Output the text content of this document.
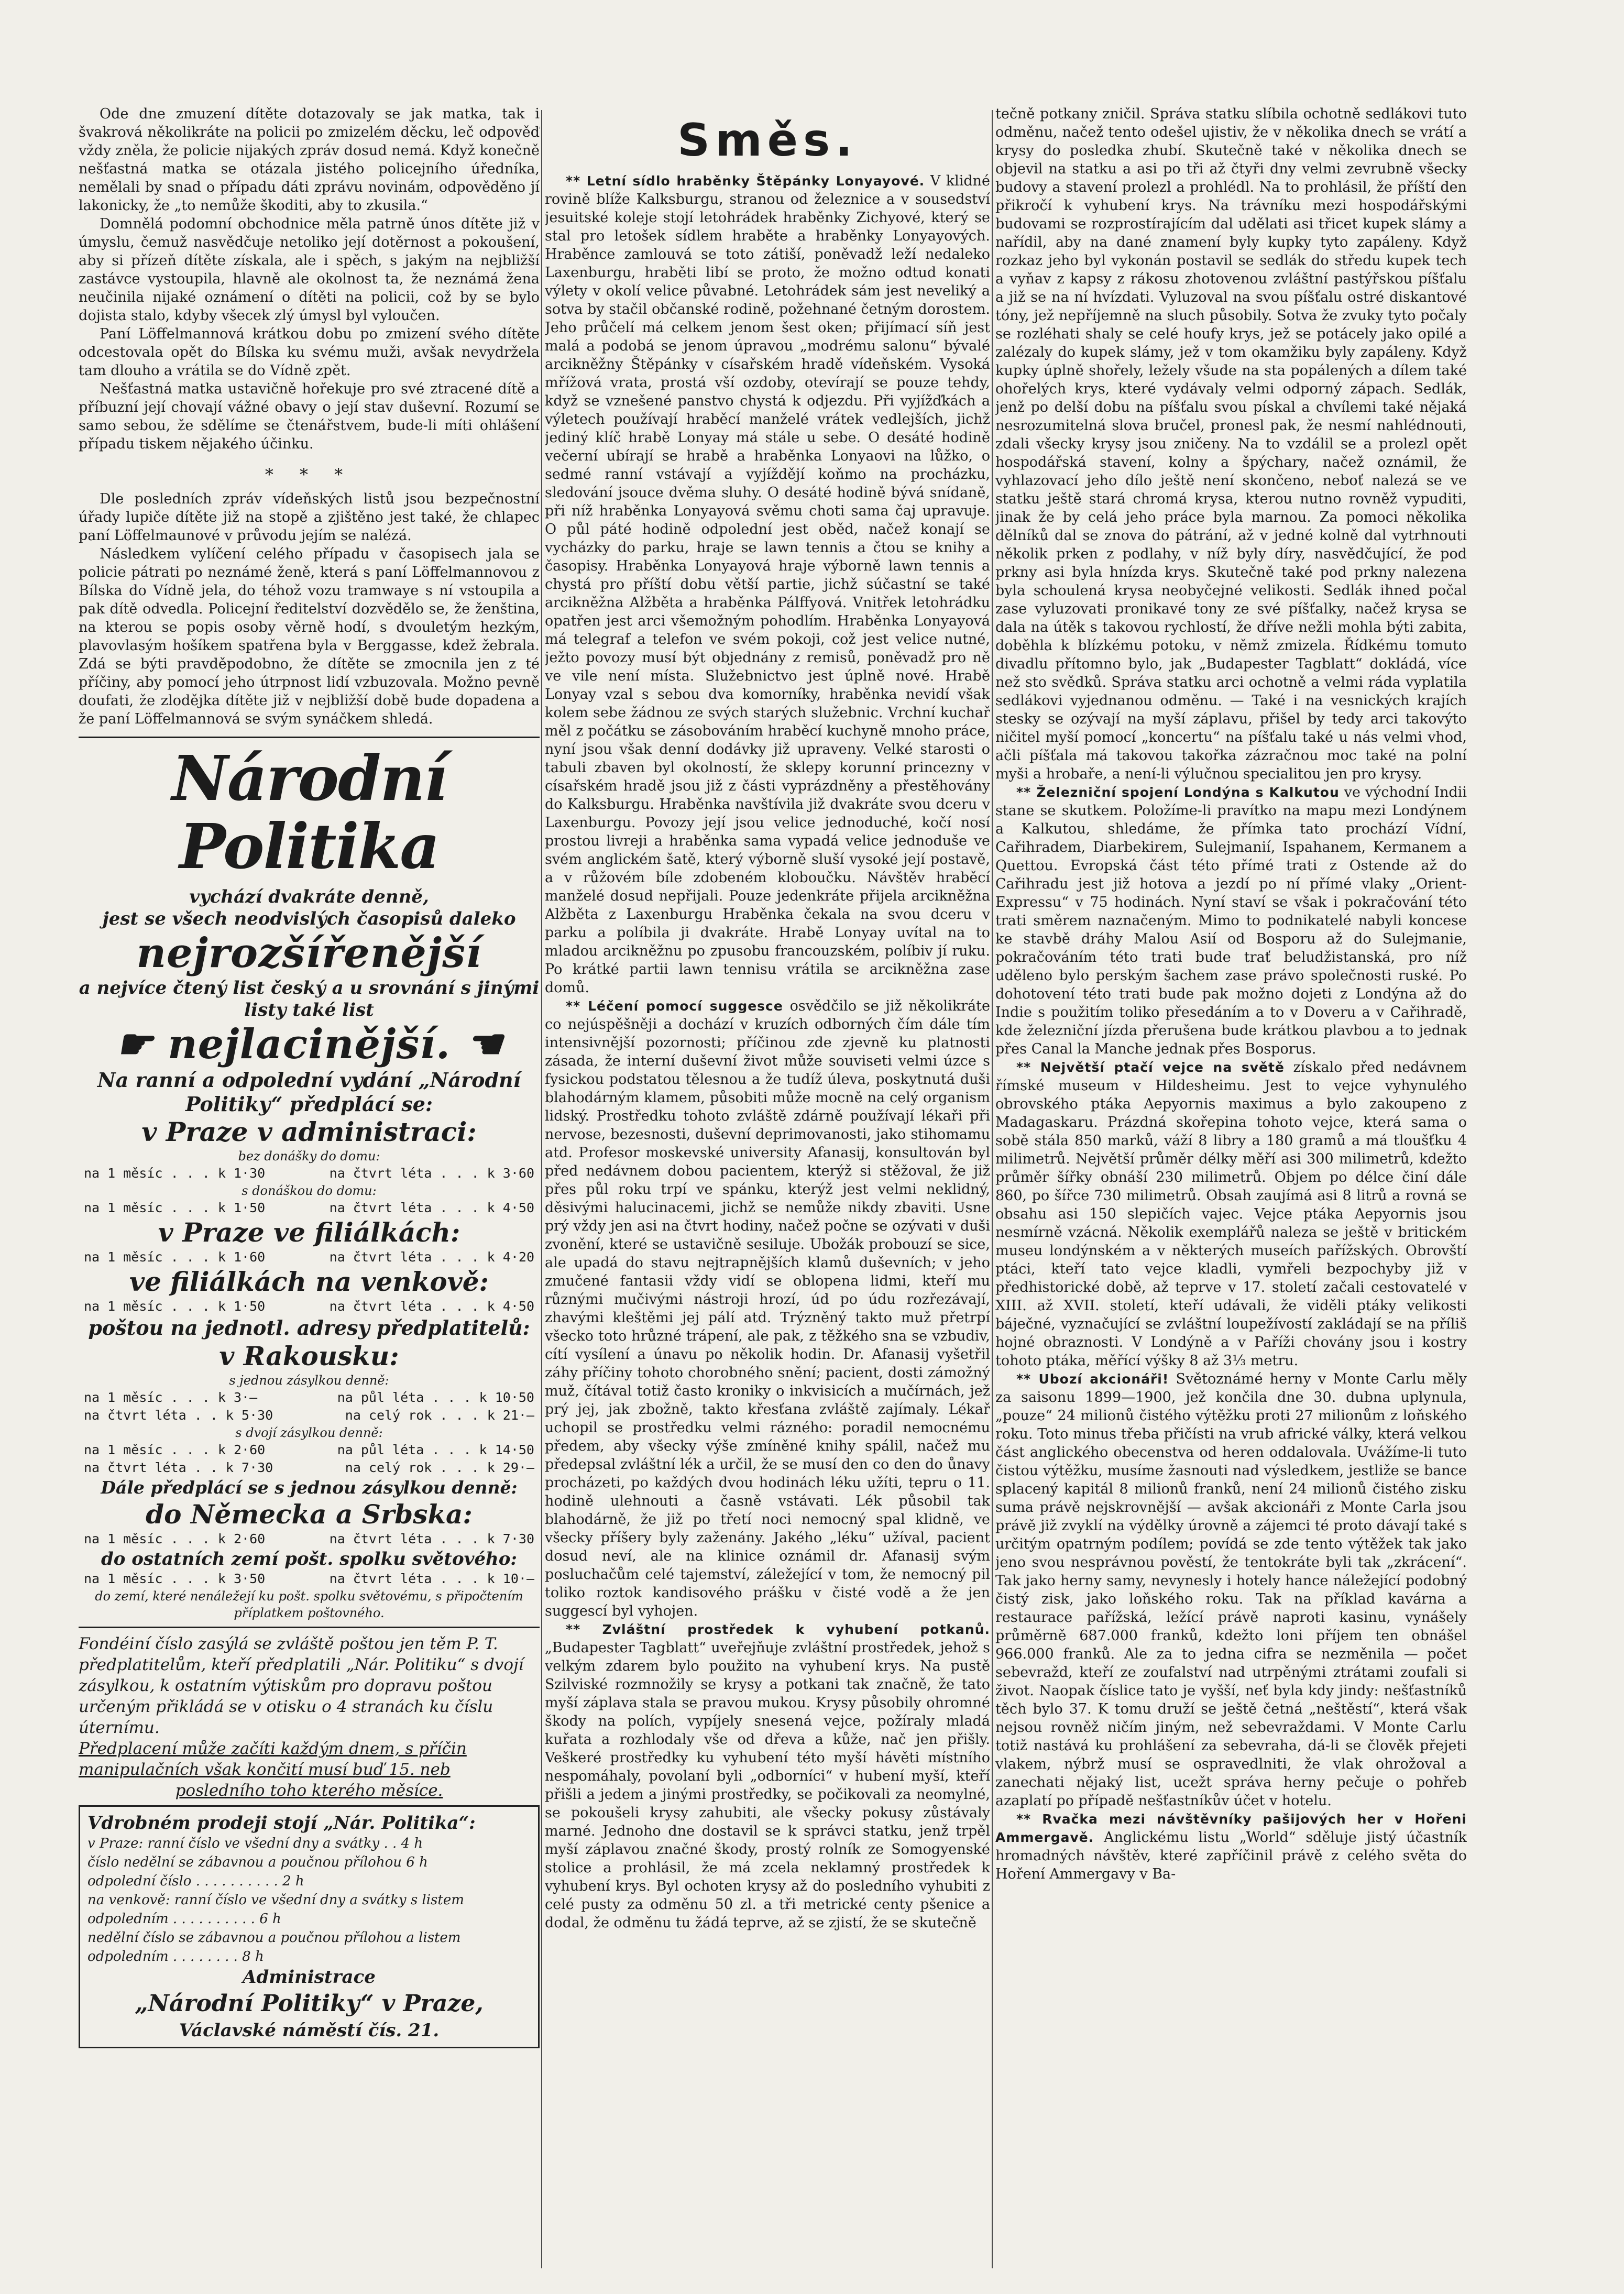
Ode dne zmuzení dítěte dotazovaly se jak matka, tak i švakrová několikráte na policii po zmizelém děcku, leč odpověď vždy zněla, že policie nijakých zpráv dosud nemá. Když konečně nešťastná matka se otázala jistého policejního úředníka, nemělali by snad o případu dáti zprávu novinám, odpověděno jí lakonicky, že „to nemůže škoditi, aby to zkusila.“

Domnělá podomní obchodnice měla patrně únos dítěte již v úmyslu, čemuž nasvědčuje netoliko její dotěrnost a pokoušení, aby si přízeň dítěte získala, ale i spěch, s jakým na nejbližší zastávce vystoupila, hlavně ale okolnost ta, že neznámá žena neučinila nijaké oznámení o dítěti na policii, což by se bylo dojista stalo, kdyby všecek zlý úmysl byl vyloučen.

Paní Löffelmannová krátkou dobu po zmizení svého dítěte odcestovala opět do Bílska ku svému muži, avšak nevydržela tam dlouho a vrátila se do Vídně zpět.

Nešťastná matka ustavičně hořekuje pro své ztracené dítě a příbuzní její chovají vážné obavy o její stav duševní. Rozumí se samo sebou, že sdělíme se čtenářstvem, bude-li míti ohlášení případu tiskem nějakého účinku.

* * *

Dle posledních zpráv vídeňských listů jsou bezpečnostní úřady lupiče dítěte již na stopě a zjištěno jest také, že chlapec paní Löffelmaunové v průvodu jejím se nalézá.

Následkem vylíčení celého případu v časopisech jala se policie pátrati po neznámé ženě, která s paní Löffelmannovou z Bílska do Vídně jela, do téhož vozu tramwaye s ní vstoupila a pak dítě odvedla. Policejní ředitelství dozvědělo se, že ženština, na kterou se popis osoby věrně hodí, s dvouletým hezkým, plavovlasým hošíkem spatřena byla v Berggasse, kdež žebrala. Zdá se býti pravděpodobno, že dítěte se zmocnila jen z té příčiny, aby pomocí jeho útrpnost lidí vzbuzovala. Možno pevně doufati, že zlodějka dítěte již v nejbližší době bude dopadena a že paní Löffelmannová se svým synáčkem shledá.

Národní Politika
vychází dvakráte denně,
jest se všech neodvislých časopisů daleko
nejrozšířenější
a nejvíce čtený list český a u srovnání s jinými listy také list
☛ nejlacinější. ☚
Na ranní a odpolední vydání „Národní Politiky“ předplácí se:
v Praze v administraci:
bez donášky do domu:
na 1 měsíc . . . k 1·30	na čtvrt léta . . . k 3·60
s donáškou do domu:
na 1 měsíc . . . k 1·50	na čtvrt léta . . . k 4·50
v Praze ve filiálkách:
na 1 měsíc . . . k 1·60	na čtvrt léta . . . k 4·20
ve filiálkách na venkově:
na 1 měsíc . . . k 1·50	na čtvrt léta . . . k 4·50
poštou na jednotl. adresy předplatitelů:
v Rakousku:
s jednou zásylkou denně:
na 1 měsíc . . . k 3·—	na půl léta . . . k 10·50
na čtvrt léta . . k 5·30	na celý rok . . . k 21·—
s dvojí zásylkou denně:
na 1 měsíc . . . k 2·60	na půl léta . . . k 14·50
na čtvrt léta . . k 7·30	na celý rok . . . k 29·—
Dále předplácí se s jednou zásylkou denně:
do Německa a Srbska:
na 1 měsíc . . . k 2·60	na čtvrt léta . . . k 7·30
do ostatních zemí pošt. spolku světového:
na 1 měsíc . . . k 3·50	na čtvrt léta . . . k 10·—
do zemí, které nenáležejí ku pošt. spolku světovému, s připočtením příplatkem poštovného.
Fondéiní číslo zasýlá se zvláště poštou jen těm P. T. předplatitelům, kteří předplatili „Nár. Politiku“ s dvojí zásylkou, k ostatním výtiskům pro dopravu poštou určeným přikládá se v otisku o 4 stranách ku číslu úternímu.
Předplacení může začíti každým dnem, s příčin
manipulačních však končití musí buď 15. neb
posledního toho kterého měsíce.
Vdrobném prodeji stojí „Nár. Politika“:
v Praze: ranní číslo ve všední dny a svátky . . 4 h
číslo nedělní se zábavnou a poučnou přílohou 6 h
odpolední číslo . . . . . . . . . . 2 h
na venkově: ranní číslo ve všední dny a svátky s listem odpoledním . . . . . . . . . . 6 h
nedělní číslo se zábavnou a poučnou přílohou a listem odpoledním . . . . . . . . 8 h
Administrace
„Národní Politiky“ v Praze,
Václavské náměstí čís. 21.
Směs.

** Letní sídlo hraběnky Štěpánky Lonyayové. V klidné rovině blíže Kalksburgu, stranou od železnice a v sousedství jesuitské koleje stojí letohrádek hraběnky Zichyové, který se stal pro letošek sídlem hraběte a hraběnky Lonyayových. Hraběnce zamlouvá se toto zátiší, poněvadž leží nedaleko Laxenburgu, hraběti libí se proto, že možno odtud konati výlety v okolí velice půvabné. Letohrádek sám jest neveliký a sotva by stačil občanské rodině, požehnané četným dorostem. Jeho průčelí má celkem jenom šest oken; přijímací síň jest malá a podobá se jenom úpravou „modrému salonu“ bývalé arcikněžny Štěpánky v císařském hradě vídeňském. Vysoká mřížová vrata, prostá vší ozdoby, otevírají se pouze tehdy, když se vznešené panstvo chystá k odjezdu. Při vyjížďkách a výletech používají hraběcí manželé vrátek vedlejších, jichž jediný klíč hrabě Lonyay má stále u sebe. O desáté hodině večerní ubírají se hrabě a hraběnka Lonyaovi na lůžko, o sedmé ranní vstávají a vyjíždějí koňmo na procházku, sledování jsouce dvěma sluhy. O desáté hodině bývá snídaně, při níž hraběnka Lonyayová svěmu choti sama čaj upravuje. O půl páté hodině odpolední jest oběd, načež konají se vycházky do parku, hraje se lawn tennis a čtou se knihy a časopisy. Hraběnka Lonyayová hraje výborně lawn tennis a chystá pro příští dobu větší partie, jichž súčastní se také arcikněžna Alžběta a hraběnka Pálffyová. Vnitřek letohrádku opatřen jest arci všemožným pohodlím. Hraběnka Lonyayová má telegraf a telefon ve svém pokoji, což jest velice nutné, ježto povozy musí být objednány z remisů, poněvadž pro ně ve vile není místa. Služebnictvo jest úplně nové. Hrabě Lonyay vzal s sebou dva komorníky, hraběnka nevidí však kolem sebe žádnou ze svých starých služebnic. Vrchní kuchař měl z počátku se zásobováním hraběcí kuchyně mnoho práce, nyní jsou však denní dodávky již upraveny. Velké starosti o tabuli zbaven byl okolností, že sklepy korunní princezny v císařském hradě jsou již z části vyprázdněny a přestěhovány do Kalksburgu. Hraběnka navštívila již dvakráte svou dceru v Laxenburgu. Povozy její jsou velice jednoduché, kočí nosí prostou livreji a hraběnka sama vypadá velice jednoduše ve svém anglickém šatě, který výborně sluší vysoké její postavě, a v růžovém bíle zdobeném kloboučku. Návštěv hraběcí manželé dosud nepřijali. Pouze jedenkráte přijela arcikněžna Alžběta z Laxenburgu Hraběnka čekala na svou dceru v parku a políbila ji dvakráte. Hrabě Lonyay uvítal na to mladou arcikněžnu po zpusobu francouzském, políbiv jí ruku. Po krátké partii lawn tennisu vrátila se arcikněžna zase domů.

** Léčení pomocí suggesce osvědčilo se již několikráte co nejúspěšněji a dochází v kruzích odborných čím dále tím intensivnější pozornosti; příčinou zde zjevně ku platnosti zásada, že interní duševní život může souviseti velmi úzce s fysickou podstatou tělesnou a že tudíž úleva, poskytnutá duši blahodárným klamem, působiti může mocně na celý organism lidský. Prostředku tohoto zvláště zdárně používají lékaři při nervose, bezesnosti, duševní deprimovanosti, jako stihomamu atd. Profesor moskevské university Afanasij, konsultován byl před nedávnem dobou pacientem, kterýž si stěžoval, že již přes půl roku trpí ve spánku, kterýž jest velmi neklidný, děsivými halucinacemi, jichž se nemůže nikdy zbaviti. Usne prý vždy jen asi na čtvrt hodiny, načež počne se ozývati v duši zvonění, které se ustavičně sesiluje. Ubožák probouzí se sice, ale upadá do stavu nejtrapnějších klamů duševních; v jeho zmučené fantasii vždy vidí se oblopena lidmi, kteří mu různými mučivými nástroji hrozí, úd po údu rozřezávají, zhavými kleštěmi jej pálí atd. Trýzněný takto muž přetrpí všecko toto hrůzné trápení, ale pak, z těžkého sna se vzbudiv, cítí vysílení a únavu po několik hodin. Dr. Afanasij vyšetřil záhy příčiny tohoto chorobného snění; pacient, dosti zámožný muž, čítával totiž často kroniky o inkvisicích a mučírnách, jež prý jej, jak zbožně, takto křesťana zvláště zajímaly. Lékař uchopil se prostředku velmi rázného: poradil nemocnému předem, aby všecky výše zmíněné knihy spálil, načež mu předepsal zvláštní lék a určil, že se musí den co den do ůnavy procházeti, po každých dvou hodinách léku užíti, tepru o 11. hodině ulehnouti a časně vstávati. Lék působil tak blahodárně, že již po třetí noci nemocný spal klidně, ve všecky příšery byly zaženány. Jakého „léku“ užíval, pacient dosud neví, ale na klinice oznámil dr. Afanasij svým posluchačům celé tajemství, záležející v tom, že nemocný pil toliko roztok kandisového prášku v čisté vodě a že jen suggescí byl vyhojen.

** Zvláštní prostředek k vyhubení potkanů. „Budapester Tagblatt“ uveřejňuje zvláštní prostředek, jehož s velkým zdarem bylo použito na vyhubení krys. Na pustě Szilviské rozmnožily se krysy a potkani tak značně, že tato myší záplava stala se pravou mukou. Krysy působily ohromné škody na polích, vypíjely snesená vejce, požíraly mladá kuřata a rozhlodaly vše od dřeva a kůže, nač jen přišly. Veškeré prostředky ku vyhubení této myší hávěti místního nespomáhaly, povolaní byli „odborníci“ v hubení myší, kteří přišli a jedem a jinými prostředky, se počikovali za neomylné, se pokoušeli krysy zahubiti, ale všecky pokusy zůstávaly marné. Jednoho dne dostavil se k správci statku, jenž trpěl myší záplavou značné škody, prostý rolník ze Somogyenské stolice a prohlásil, že má zcela neklamný prostředek k vyhubení krys. Byl ochoten krysy až do posledního vyhubiti z celé pusty za odměnu 50 zl. a tři metrické centy pšenice a dodal, že odměnu tu žádá teprve, až se zjistí, že se skutečně

tečně potkany zničil. Správa statku slíbila ochotně sedlákovi tuto odměnu, načež tento odešel ujistiv, že v několika dnech se vrátí a krysy do posledka zhubí. Skutečně také v několika dnech se objevil na statku a asi po tři až čtyři dny velmi zevrubně všecky budovy a stavení prolezl a prohlédl. Na to prohlásil, že příští den přikročí k vyhubení krys. Na trávníku mezi hospodářskými budovami se rozprostírajícím dal udělati asi třicet kupek slámy a nařídil, aby na dané znamení byly kupky tyto zapáleny. Když rozkaz jeho byl vykonán postavil se sedlák do středu kupek tech a vyňav z kapsy z rákosu zhotovenou zvláštní pastýřskou píšťalu a již se na ní hvízdati. Vyluzoval na svou píšťalu ostré diskantové tóny, jež nepříjemně na sluch působily. Sotva že zvuky tyto počaly se rozléhati shaly se celé houfy krys, jež se potácely jako opilé a zalézaly do kupek slámy, jež v tom okamžiku byly zapáleny. Když kupky úplně shořely, ležely všude na sta popálených a dílem také ohořelých krys, které vydávaly velmi odporný zápach. Sedlák, jenž po delší dobu na píšťalu svou pískal a chvílemi také nějaká nesrozumitelná slova bručel, pronesl pak, že nesmí nahlédnouti, zdali všecky krysy jsou zničeny. Na to vzdálil se a prolezl opět hospodářská stavení, kolny a špýchary, načež oznámil, že vyhlazovací jeho dílo ještě není skončeno, neboť nalezá se ve statku ještě stará chromá krysa, kterou nutno rovněž vypuditi, jinak že by celá jeho práce byla marnou. Za pomoci několika dělníků dal se znova do pátrání, až v jedné kolně dal vytrhnouti několik prken z podlahy, v níž byly díry, nasvědčující, že pod prkny asi byla hnízda krys. Skutečně také pod prkny nalezena byla schoulená krysa neobyčejné velikosti. Sedlák ihned počal zase vyluzovati pronikavé tony ze své píšťalky, načež krysa se dala na útěk s takovou rychlostí, že dříve nežli mohla býti zabita, doběhla k blízkému potoku, v němž zmizela. Řídkému tomuto divadlu přítomno bylo, jak „Budapester Tagblatt“ dokládá, více než sto svědků. Správa statku arci ochotně a velmi ráda vyplatila sedlákovi vyjednanou odměnu. — Také i na vesnických krajích stesky se ozývají na myší záplavu, přišel by tedy arci takovýto ničitel myší pomocí „koncertu“ na píšťalu také u nás velmi vhod, ačli píšťala má takovou takořka zázračnou moc také na polní myši a hrobaře, a není-li výlučnou specialitou jen pro krysy.

** Železniční spojení Londýna s Kalkutou ve východní Indii stane se skutkem. Položíme-li pravítko na mapu mezi Londýnem a Kalkutou, shledáme, že přímka tato prochází Vídní, Cařihradem, Diarbekirem, Sulejmanií, Ispahanem, Kermanem a Quettou. Evropská část této přímé trati z Ostende až do Cařihradu jest již hotova a jezdí po ní přímé vlaky „Orient-Expressu“ v 75 hodinách. Nyní staví se však i pokračování této trati směrem naznačeným. Mimo to podnikatelé nabyli koncese ke stavbě dráhy Malou Asií od Bosporu až do Sulejmanie, pokračováním této trati bude trať beludžistanská, pro níž uděleno bylo perským šachem zase právo společnosti ruské. Po dohotovení této trati bude pak možno dojeti z Londýna až do Indie s použitím toliko přesedáním a to v Doveru a v Cařihradě, kde železniční jízda přerušena bude krátkou plavbou a to jednak přes Canal la Manche jednak přes Bosporus.

** Největší ptačí vejce na světě získalo před nedávnem římské museum v Hildesheimu. Jest to vejce vyhynulého obrovského ptáka Aepyornis maximus a bylo zakoupeno z Madagaskaru. Prázdná skořepina tohoto vejce, která sama o sobě stála 850 marků, váží 8 libry a 180 gramů a má tloušťku 4 milimetrů. Největší průměr délky měří asi 300 milimetrů, kdežto průměr šířky obnáší 230 milimetrů. Objem po délce činí dále 860, po šířce 730 milimetrů. Obsah zaujímá asi 8 litrů a rovná se obsahu asi 150 slepičích vajec. Vejce ptáka Aepyornis jsou nesmírně vzácná. Několik exemplářů naleza se ještě v britickém museu londýnském a v některých museích pařížských. Obrovští ptáci, kteří tato vejce kladli, vymřeli bezpochyby již v předhistorické době, až teprve v 17. století začali cestovatelé v XIII. až XVII. století, kteří udávali, že viděli ptáky velikosti báječné, vyznačující se zvláštní loupežívostí zakládají se na příliš hojné obraznosti. V Londýně a v Paříži chovány jsou i kostry tohoto ptáka, měřící výšky 8 až 3⅓ metru.

** Ubozí akcionáři! Světoznámé herny v Monte Carlu měly za saisonu 1899—1900, jež končila dne 30. dubna uplynula, „pouze“ 24 milionů čistého výtěžku proti 27 milionům z loňského roku. Toto minus třeba přičísti na vrub africké války, která velkou část anglického obecenstva od heren oddalovala. Uvážíme-li tuto čistou výtěžku, musíme žasnouti nad výsledkem, jestliže se bance splacený kapitál 8 milionů franků, není 24 milionů čistého zisku suma právě nejskrovnější — avšak akcionáři z Monte Carla jsou právě již zvyklí na výdělky úrovně a zájemci té proto dávají také s určitým opatrným podílem; povídá se zde tento výtěžek tak jako jeno svou nesprávnou pověstí, že tentokráte byli tak „zkrácení“. Tak jako herny samy, nevynesly i hotely hance náležející podobný čistý zisk, jako loňského roku. Tak na příklad kavárna a restaurace pařížská, ležící právě naproti kasinu, vynášely průměrně 687.000 franků, kdežto loni příjem ten obnášel 966.000 franků. Ale za to jedna cifra se nezměnila — počet sebevražd, kteří ze zoufalství nad utrpěnými ztrátami zoufali si život. Naopak číslice tato je vyšší, neť byla kdy jindy: nešťastníků těch bylo 37. K tomu druží se ještě četná „neštěstí“, která však nejsou rovněž ničím jiným, než sebevraždami. V Monte Carlu totiž nastává ku prohlášení za sebevraha, dá-li se člověk přejeti vlakem, nýbrž musí se ospravedlniti, že vlak ohrožoval a zanechati nějaký list, ucežt správa herny pečuje o pohřeb azaplatí po případě nešťastníkův účet v hotelu.

** Rvačka mezi návštěvníky pašijových her v Hořeni Ammergavě. Anglickému listu „World“ sděluje jistý účastník hromadných návštěv, které zapříčinil právě z celého světa do Hoření Ammergavy v Ba-
